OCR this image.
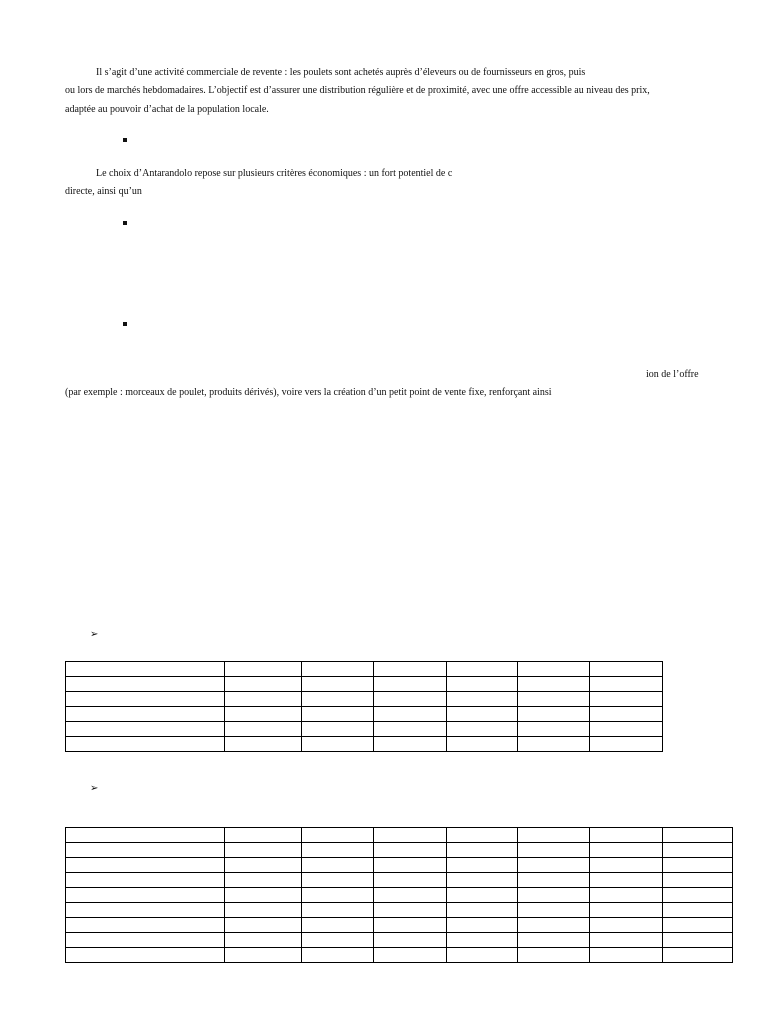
Il s’agit d’une activité commerciale de revente : les poulets sont achetés auprès d’éleveurs ou de fournisseurs en gros, puis

ou lors de marchés hebdomadaires. L’objectif est d’assurer une distribution régulière et de proximité, avec une offre accessible au niveau des prix,

adaptée au pouvoir d’achat de la population locale.

Le choix d’Antarandolo repose sur plusieurs critères économiques : un fort potentiel de c

directe, ainsi qu’un

ion de l’offre

(par exemple : morceaux de poulet, produits dérivés), voire vers la création d’un petit point de vente fixe, renforçant ainsi

➢

➢
